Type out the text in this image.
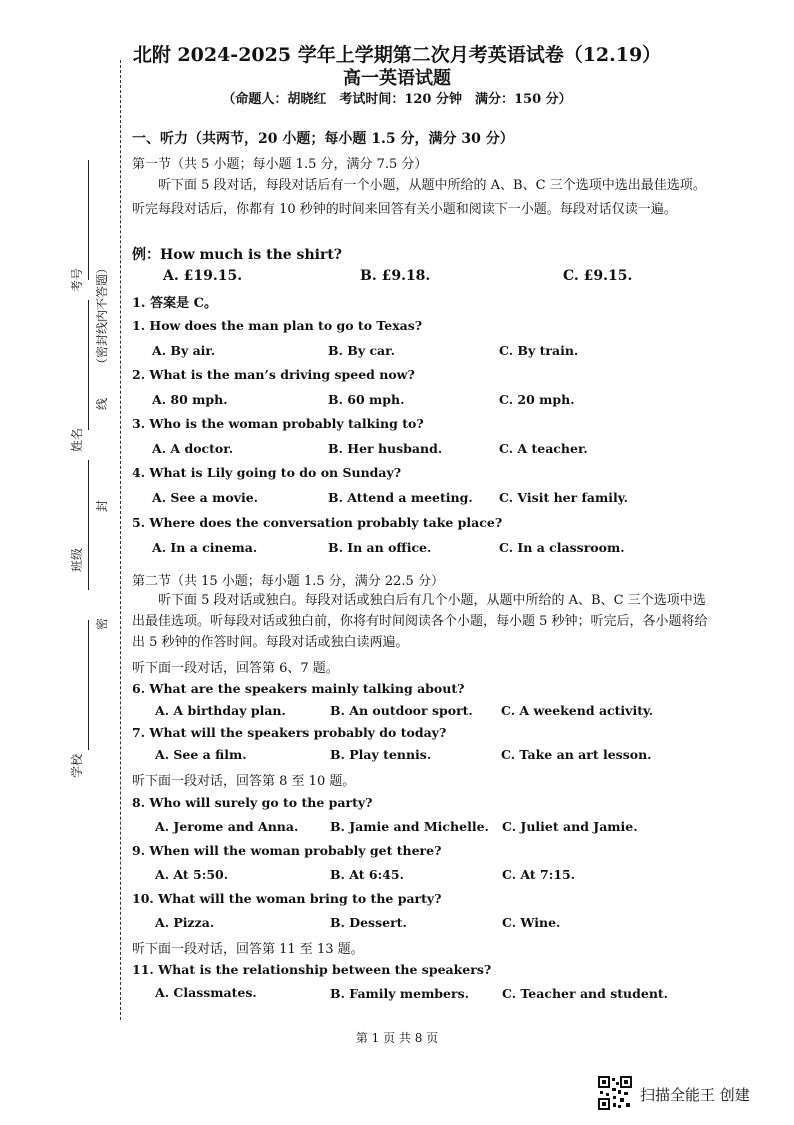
北附 2024-2025 学年上学期第二次月考英语试卷（12.19）
高一英语试题
（命题人：胡晓红　考试时间：120 分钟　满分：150 分）
考号 （密封线内不答题）
线
姓名
封
班级
密
学校
一、听力（共两节，20 小题；每小题 1.5 分，满分 30 分）
第一节（共 5 小题；每小题 1.5 分，满分 7.5 分）
听下面 5 段对话，每段对话后有一个小题，从题中所给的 A、B、C 三个选项中选出最佳选项。听完每段对话后，你都有 10 秒钟的时间来回答有关小题和阅读下一小题。每段对话仅读一遍。
例：How much is the shirt?
A. £19.15.	B. £9.18.	C. £9.15.
1. 答案是 C。
1. How does the man plan to go to Texas?
A. By air.	B. By car.	C. By train.
2. What is the man’s driving speed now?
A. 80 mph.	B. 60 mph.	C. 20 mph.
3. Who is the woman probably talking to?
A. A doctor.	B. Her husband.	C. A teacher.
4. What is Lily going to do on Sunday?
A. See a movie.	B. Attend a meeting. C. Visit her family.
5. Where does the conversation probably take place?
A. In a cinema.	B. In an office.	C. In a classroom.
第二节（共 15 小题；每小题 1.5 分，满分 22.5 分）
听下面 5 段对话或独白。每段对话或独白后有几个小题，从题中所给的 A、B、C 三个选项中选出最佳选项。听每段对话或独白前，你将有时间阅读各个小题，每小题 5 秒钟；听完后，各小题将给出 5 秒钟的作答时间。每段对话或独白读两遍。
听下面一段对话，回答第 6、7 题。
6. What are the speakers mainly talking about?
A. A birthday plan.	B. An outdoor sport. C. A weekend activity.
7. What will the speakers probably do today?
A. See a film.	B. Play tennis.	C. Take an art lesson.
听下面一段对话，回答第 8 至 10 题。
8. Who will surely go to the party?
A. Jerome and Anna.	B. Jamie and Michelle. C. Juliet and Jamie.
9. When will the woman probably get there?
A. At 5:50.	B. At 6:45.	C. At 7:15.
10. What will the woman bring to the party?
A. Pizza.	B. Dessert.	C. Wine.
听下面一段对话，回答第 11 至 13 题。
11. What is the relationship between the speakers?
A. Classmates.	B. Family members.	C. Teacher and student.
第 1 页 共 8 页
扫描全能王 创建
